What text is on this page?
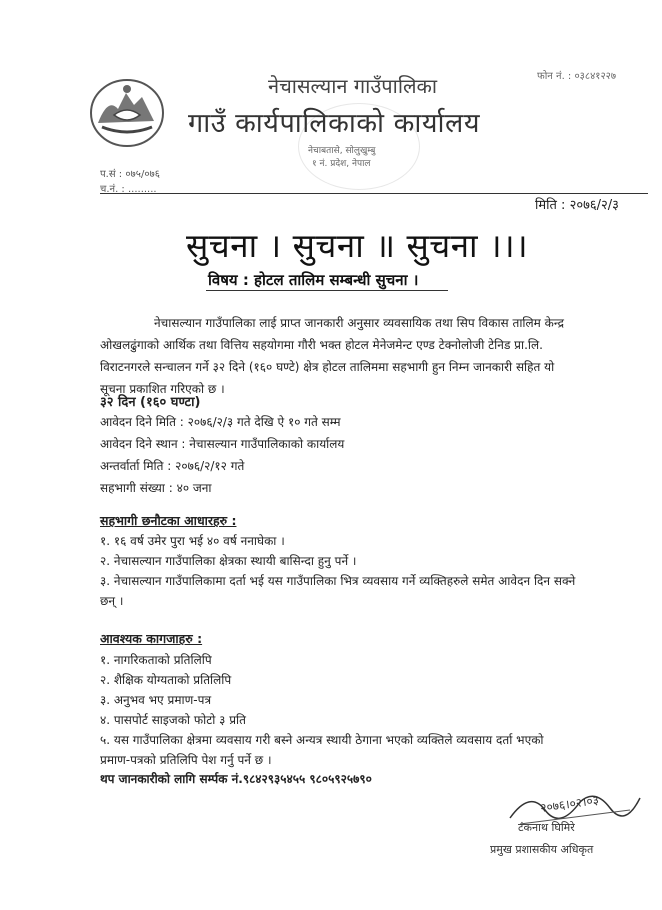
नेचासल्यान गाउँपालिका
गाउँ कार्यपालिकाको कार्यालय
नेचाबतासे, सोलुखुम्बु
१ नं. प्रदेश, नेपाल
फोन नं. : ०३८४१२२७
प.सं : ०७५/०७६
च.नं. : .........
मिति : २०७६/२/३
सुचना । सुचना ॥ सुचना ।।।
विषय : होटल तालिम सम्बन्धी सुचना ।
नेचासल्यान गाउँपालिका लाई प्राप्त जानकारी अनुसार व्यवसायिक तथा सिप विकास तालिम केन्द्र
ओखलढुंगाको आर्थिक तथा वित्तिय सहयोगमा गौरी भक्त होटल मेनेजमेन्ट एण्ड टेक्नोलोजी टेनिड प्रा.लि.
विराटनगरले सन्चालन गर्ने ३२ दिने (१६० घण्टे) क्षेत्र होटल तालिममा सहभागी हुन निम्न जानकारी सहित यो
सूचना प्रकाशित गरिएको छ ।
३२ दिन (१६० घण्टा)
आवेदन दिने मिति : २०७६/२/३ गते देखि ऐ १० गते सम्म
आवेदन दिने स्थान : नेचासल्यान गाउँपालिकाको कार्यालय
अन्तर्वार्ता मिति : २०७६/२/१२ गते
सहभागी संख्या : ४० जना
सहभागी छनौटका आधारहरु :
१. १६ वर्ष उमेर पुरा भई ४० वर्ष ननाघेका ।
२. नेचासल्यान गाउँपालिका क्षेत्रका स्थायी बासिन्दा हुनु पर्ने ।
३. नेचासल्यान गाउँपालिकामा दर्ता भई यस गाउँपालिका भित्र व्यवसाय गर्ने व्यक्तिहरुले समेत आवेदन दिन सक्ने
छन् ।
आवश्यक कागजाहरु :
१. नागरिकताको प्रतिलिपि
२. शैक्षिक योग्यताको प्रतिलिपि
३. अनुभव भए प्रमाण-पत्र
४. पासपोर्ट साइजको फोटो ३ प्रति
५. यस गाउँपालिका क्षेत्रमा व्यवसाय गरी बस्ने अन्यत्र स्थायी ठेगाना भएको व्यक्तिले व्यवसाय दर्ता भएको
प्रमाण-पत्रको प्रतिलिपि पेश गर्नु पर्ने छ ।
थप जानकारीको लागि सर्म्पक नं.९८४२९३५४५५ ९८०५९२५७९०
२०७६।०२।०३
टंकनाथ घिमिरे
प्रमुख प्रशासकीय अधिकृत
